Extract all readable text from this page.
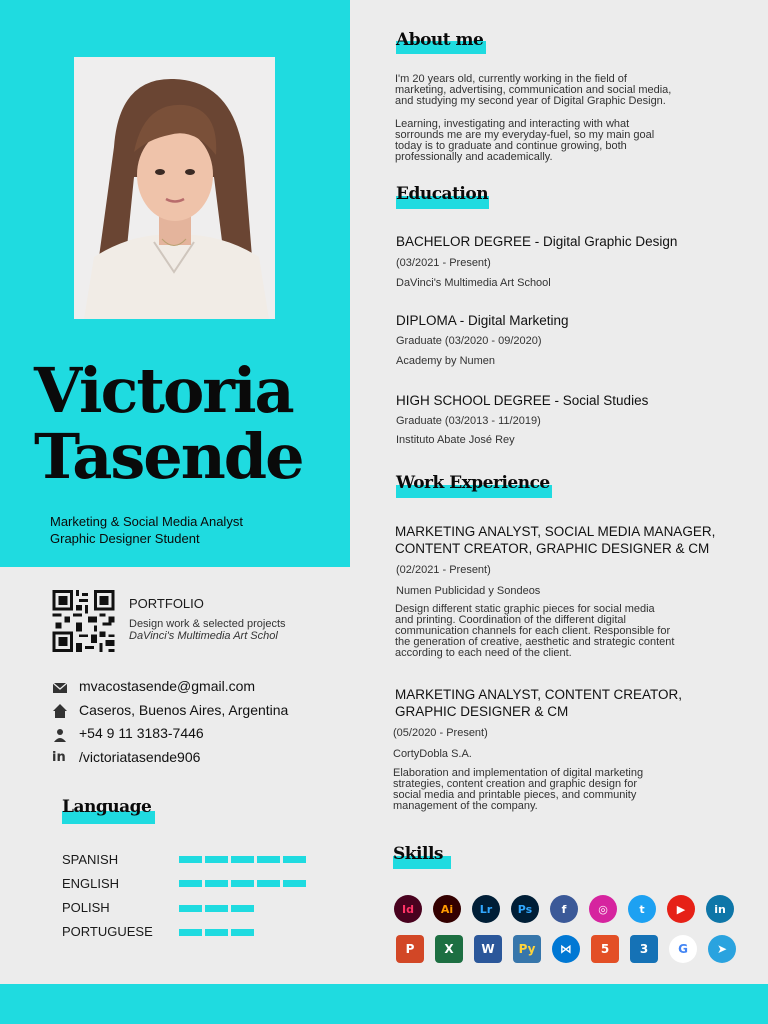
Victoria
Tasende
Marketing & Social Media Analyst
Graphic Designer Student
PORTFOLIO
Design work & selected projects
DaVinci's Multimedia Art Schol
mvacostasende@gmail.com
Caseros, Buenos Aires, Argentina
+54 9 11 3183-7446
in /victoriatasende906
Language
SPANISH
ENGLISH
POLISH
PORTUGUESE
About me
I'm 20 years old, currently working in the field of
marketing, advertising, communication and social media,
and studying my second year of Digital Graphic Design.
Learning, investigating and interacting with what
sorrounds me are my everyday-fuel, so my main goal
today is to graduate and continue growing, both
professionally and academically.
Education
BACHELOR DEGREE - Digital Graphic Design
(03/2021 - Present)
DaVinci's Multimedia Art School
DIPLOMA - Digital Marketing
Graduate (03/2020 - 09/2020)
Academy by Numen
HIGH SCHOOL DEGREE - Social Studies
Graduate (03/2013 - 11/2019)
Instituto Abate José Rey
Work Experience
MARKETING ANALYST, SOCIAL MEDIA MANAGER,
CONTENT CREATOR, GRAPHIC DESIGNER & CM
(02/2021 - Present)
Numen Publicidad y Sondeos
Design different static graphic pieces for social media
and printing. Coordination of the different digital
communication channels for each client. Responsible for
the generation of creative, aesthetic and strategic content
according to each need of the client.
MARKETING ANALYST, CONTENT CREATOR,
GRAPHIC DESIGNER & CM
(05/2020 - Present)
CortyDobla S.A.
Elaboration and implementation of digital marketing
strategies, content creation and graphic design for
social media and printable pieces, and community
management of the company.
Skills
Id	Ai	Lr	Ps	f	◎	t	▶	in
P	X	W	Py	⋈	5	3	G	➤
